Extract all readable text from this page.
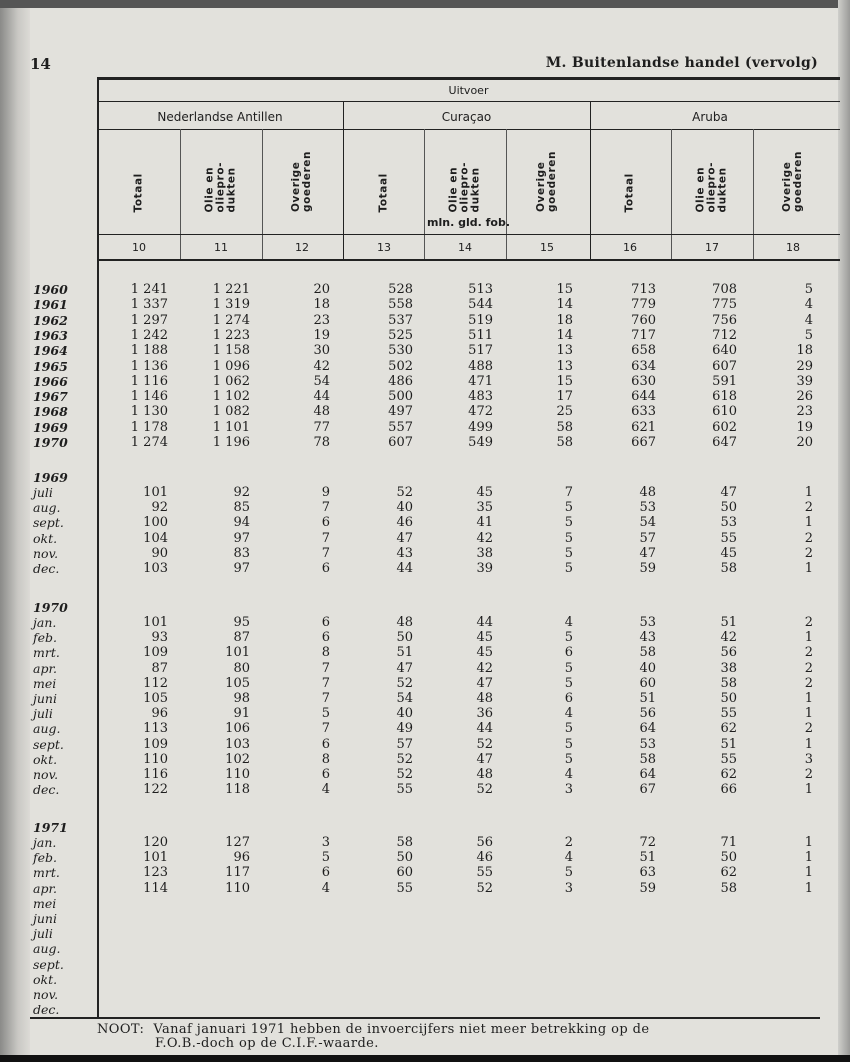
14	M. Buitenlandse handel (vervolg)
Uitvoer
Nederlandse Antillen	Curaçao	Aruba
Totaal	Olie en oliepro- dukten	Overige goederen	Totaal	Olie en oliepro- dukten	Overige goederen	Totaal	Olie en oliepro- dukten	Overige goederen
mln. gld. fob.
10	11	12	13	14	15	16	17	18
1960	1 241	1 221	20	528	513	15	713	708	5
1961	1 337	1 319	18	558	544	14	779	775	4
1962	1 297	1 274	23	537	519	18	760	756	4
1963	1 242	1 223	19	525	511	14	717	712	5
1964	1 188	1 158	30	530	517	13	658	640	18
1965	1 136	1 096	42	502	488	13	634	607	29
1966	1 116	1 062	54	486	471	15	630	591	39
1967	1 146	1 102	44	500	483	17	644	618	26
1968	1 130	1 082	48	497	472	25	633	610	23
1969	1 178	1 101	77	557	499	58	621	602	19
1970	1 274	1 196	78	607	549	58	667	647	20
1969
juli	101	92	9	52	45	7	48	47	1
aug.	92	85	7	40	35	5	53	50	2
sept.	100	94	6	46	41	5	54	53	1
okt.	104	97	7	47	42	5	57	55	2
nov.	90	83	7	43	38	5	47	45	2
dec.	103	97	6	44	39	5	59	58	1
1970
jan.	101	95	6	48	44	4	53	51	2
feb.	93	87	6	50	45	5	43	42	1
mrt.	109	101	8	51	45	6	58	56	2
apr.	87	80	7	47	42	5	40	38	2
mei	112	105	7	52	47	5	60	58	2
juni	105	98	7	54	48	6	51	50	1
juli	96	91	5	40	36	4	56	55	1
aug.	113	106	7	49	44	5	64	62	2
sept.	109	103	6	57	52	5	53	51	1
okt.	110	102	8	52	47	5	58	55	3
nov.	116	110	6	52	48	4	64	62	2
dec.	122	118	4	55	52	3	67	66	1
1971
jan.	120	127	3	58	56	2	72	71	1
feb.	101	96	5	50	46	4	51	50	1
mrt.	123	117	6	60	55	5	63	62	1
apr.	114	110	4	55	52	3	59	58	1
mei
juni
juli
aug.
sept.
okt.
nov.
dec.
NOOT: Vanaf januari 1971 hebben de invoercijfers niet meer betrekking op de
F.O.B.-doch op de C.I.F.-waarde.
